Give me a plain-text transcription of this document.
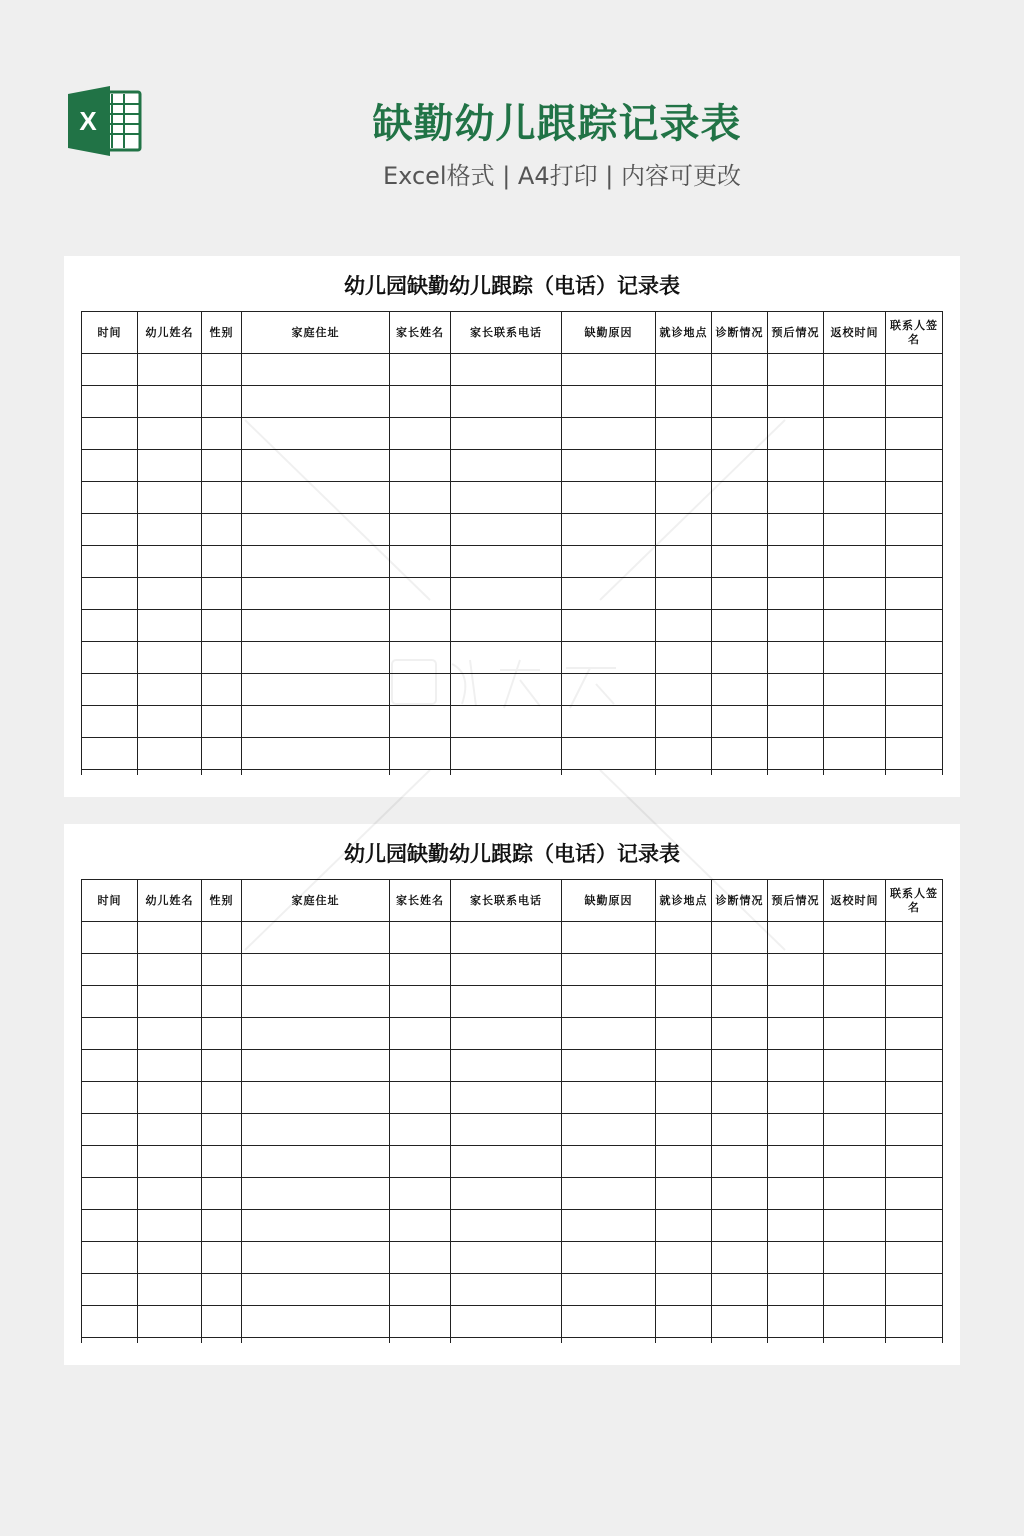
X	缺勤幼儿跟踪记录表
Excel格式 | A4打印 | 内容可更改
幼儿园缺勤幼儿跟踪（电话）记录表
时间	幼儿姓名	性别	家庭住址	家长姓名	家长联系电话	缺勤原因	就诊地点	诊断情况	预后情况	返校时间	联系人签名

幼儿园缺勤幼儿跟踪（电话）记录表
时间	幼儿姓名	性别	家庭住址	家长姓名	家长联系电话	缺勤原因	就诊地点	诊断情况	预后情况	返校时间	联系人签名
